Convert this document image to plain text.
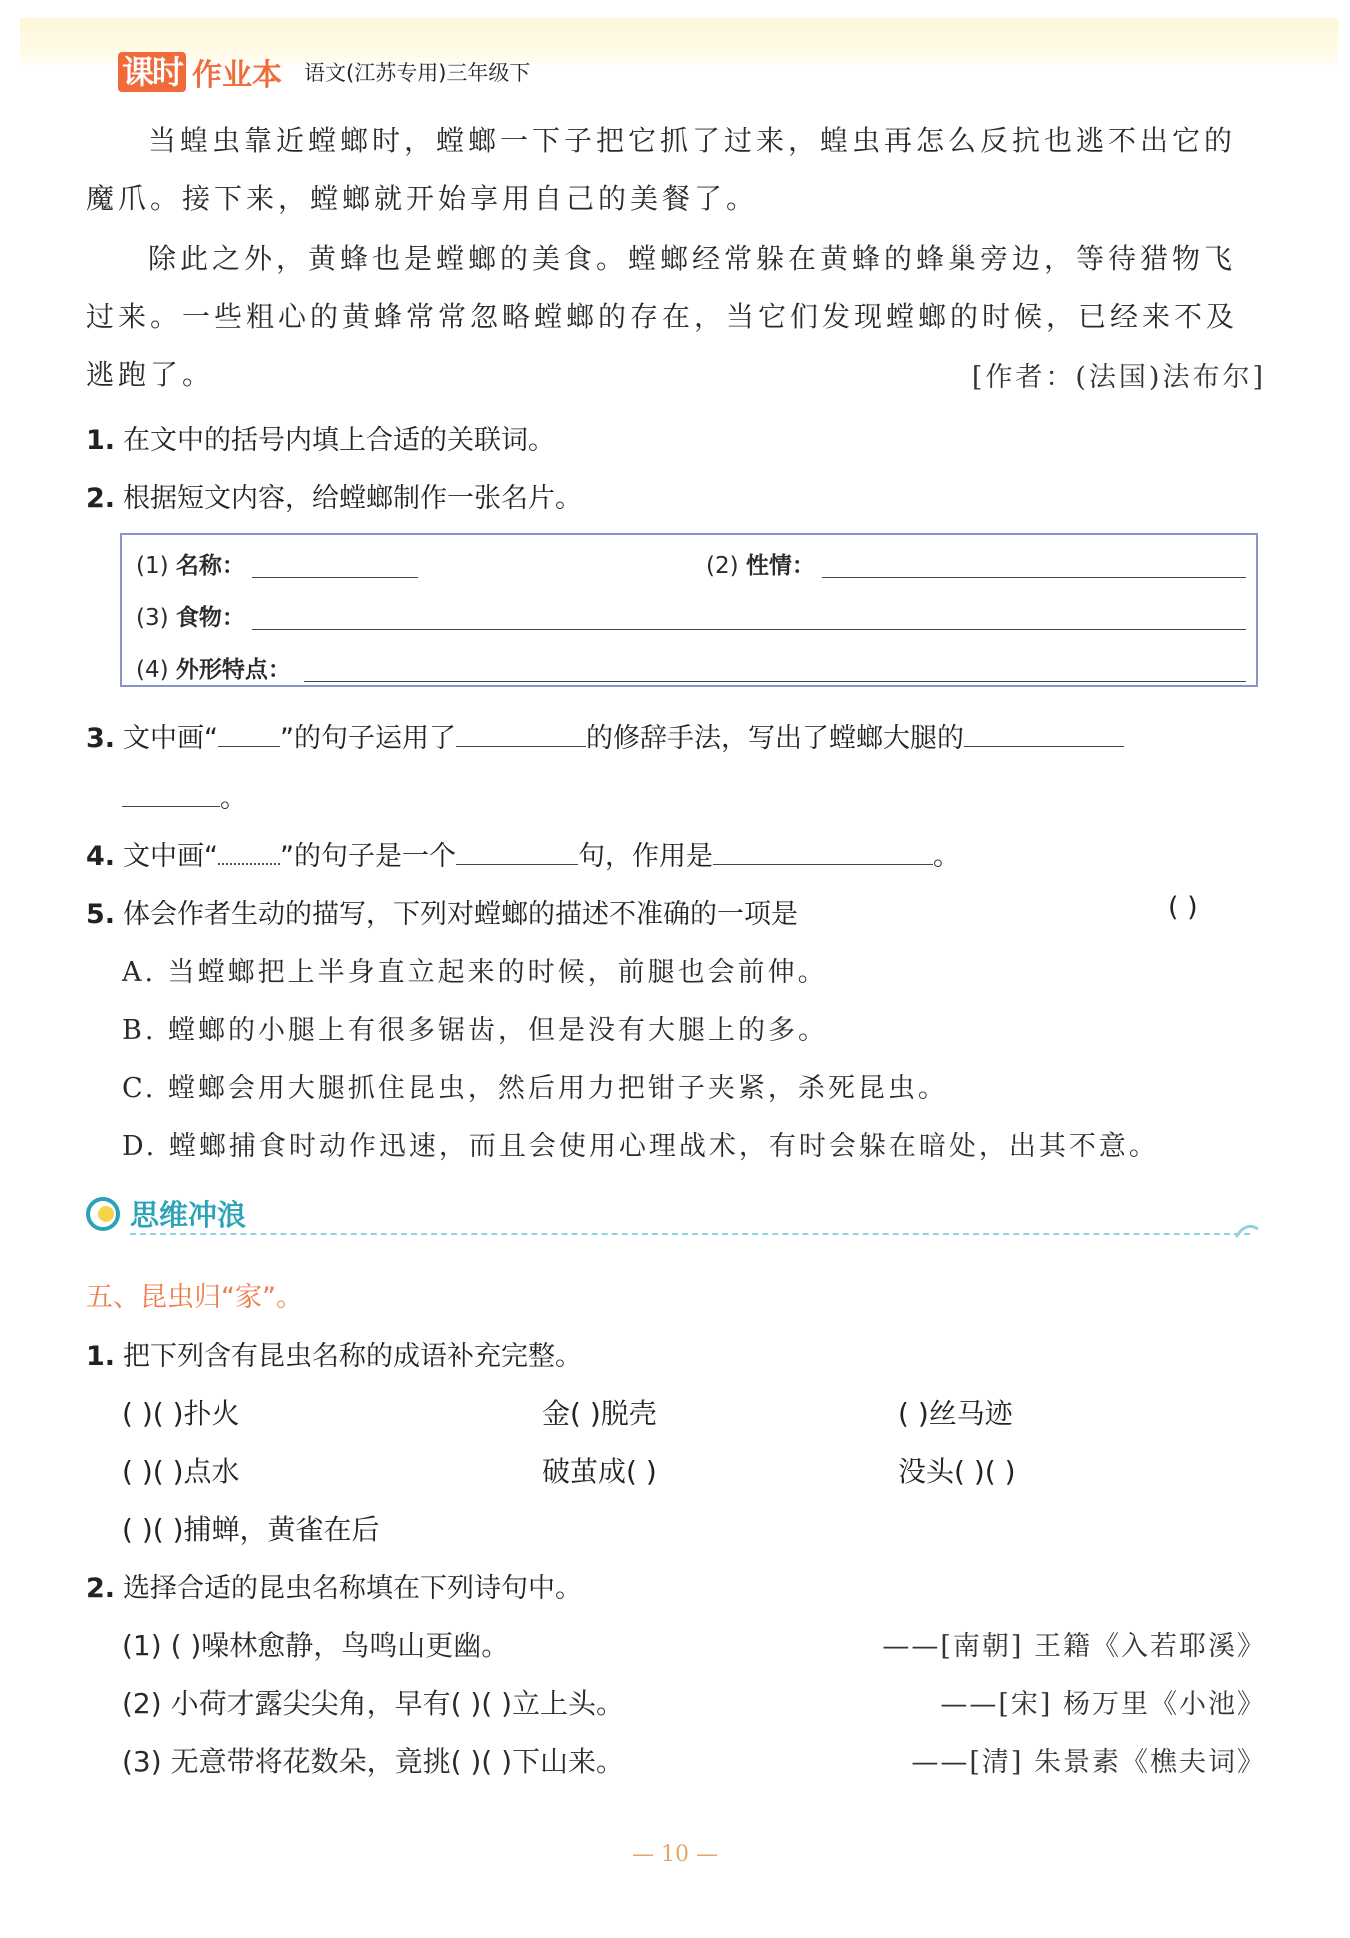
课时 作业本 语文(江苏专用)三年级下
当蝗虫靠近螳螂时，螳螂一下子把它抓了过来，蝗虫再怎么反抗也逃不出它的魔爪。接下来，螳螂就开始享用自己的美餐了。
除此之外，黄蜂也是螳螂的美食。螳螂经常躲在黄蜂的蜂巢旁边，等待猎物飞过来。一些粗心的黄蜂常常忽略螳螂的存在，当它们发现螳螂的时候，已经来不及逃跑了。	[作者：(法国)法布尔]
1. 在文中的括号内填上合适的关联词。
2. 根据短文内容，给螳螂制作一张名片。
(1) 名称：	(2) 性情：
(3) 食物：
(4) 外形特点：
3. 文中画“ ”的句子运用了	的修辞手法，写出了螳螂大腿的
。
4. 文中画“ ”的句子是一个	句，作用是	。
5. 体会作者生动的描写，下列对螳螂的描述不准确的一项是	( )
A. 当螳螂把上半身直立起来的时候，前腿也会前伸。
B. 螳螂的小腿上有很多锯齿，但是没有大腿上的多。
C. 螳螂会用大腿抓住昆虫，然后用力把钳子夹紧，杀死昆虫。
D. 螳螂捕食时动作迅速，而且会使用心理战术，有时会躲在暗处，出其不意。
思维冲浪
五、昆虫归“家”。
1. 把下列含有昆虫名称的成语补充完整。
( )( )扑火	金( )脱壳	( )丝马迹
( )( )点水	破茧成( )	没头( )( )
( )( )捕蝉，黄雀在后
2. 选择合适的昆虫名称填在下列诗句中。
(1) ( )噪林愈静，鸟鸣山更幽。	——[南朝] 王籍《入若耶溪》
(2) 小荷才露尖尖角，早有( )( )立上头。	——[宋] 杨万里《小池》
(3) 无意带将花数朵，竟挑( )( )下山来。	——[清] 朱景素《樵夫词》
— 10 —
